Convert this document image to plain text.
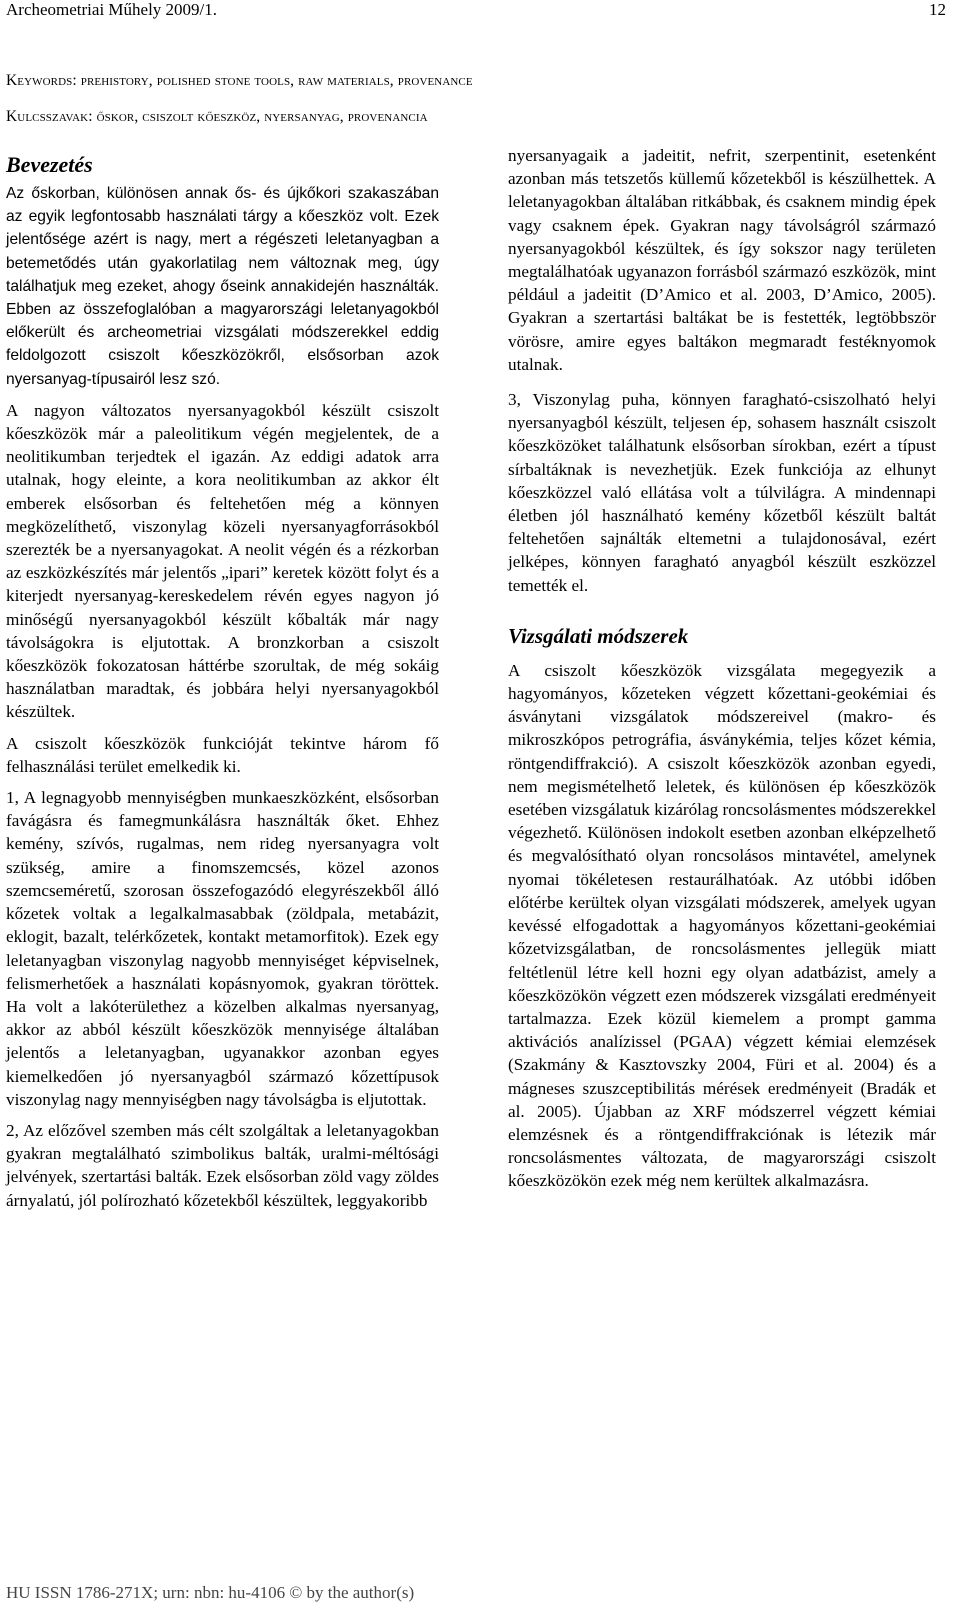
Archeometriai Műhely 2009/1.	12
Keywords: prehistory, polished stone tools, raw materials, provenance
Kulcsszavak: őskor, csiszolt kőeszköz, nyersanyag, provenancia
Bevezetés

Az őskorban, különösen annak ős- és újkőkori szakaszában az egyik legfontosabb használati tárgy a kőeszköz volt. Ezek jelentősége azért is nagy, mert a régészeti leletanyagban a betemetődés után gyakorlatilag nem változnak meg, úgy találhatjuk meg ezeket, ahogy őseink annakidején használták. Ebben az összefoglalóban a magyarországi leletanyagokból előkerült és archeometriai vizsgálati módszerekkel eddig feldolgozott csiszolt kőeszközökről, elsősorban azok nyersanyag-típusairól lesz szó.

A nagyon változatos nyersanyagokból készült csiszolt kőeszközök már a paleolitikum végén megjelentek, de a neolitikumban terjedtek el igazán. Az eddigi adatok arra utalnak, hogy eleinte, a kora neolitikumban az akkor élt emberek elsősorban és feltehetően még a könnyen megközelíthető, viszonylag közeli nyersanyagforrásokból szerezték be a nyersanyagokat. A neolit végén és a rézkorban az eszközkészítés már jelentős „ipari” keretek között folyt és a kiterjedt nyersanyag-kereskedelem révén egyes nagyon jó minőségű nyersanyagokból készült kőbalták már nagy távolságokra is eljutottak. A bronzkorban a csiszolt kőeszközök fokozatosan háttérbe szorultak, de még sokáig használatban maradtak, és jobbára helyi nyersanyagokból készültek.

A csiszolt kőeszközök funkcióját tekintve három fő felhasználási terület emelkedik ki.

1, A legnagyobb mennyiségben munkaeszközként, elsősorban favágásra és famegmunkálásra használták őket. Ehhez kemény, szívós, rugalmas, nem rideg nyersanyagra volt szükség, amire a finomszemcsés, közel azonos szemcseméretű, szorosan összefogazódó elegyrészekből álló kőzetek voltak a legalkalmasabbak (zöldpala, metabázit, eklogit, bazalt, telérkőzetek, kontakt metamorfitok). Ezek egy leletanyagban viszonylag nagyobb mennyiséget képviselnek, felismerhetőek a használati kopásnyomok, gyakran töröttek. Ha volt a lakóterülethez a közelben alkalmas nyersanyag, akkor az abból készült kőeszközök mennyisége általában jelentős a leletanyagban, ugyanakkor azonban egyes kiemelkedően jó nyersanyagból származó kőzettípusok viszonylag nagy mennyiségben nagy távolságba is eljutottak.

2, Az előzővel szemben más célt szolgáltak a leletanyagokban gyakran megtalálható szimbolikus balták, uralmi-méltósági jelvények, szertartási balták. Ezek elsősorban zöld vagy zöldes árnyalatú, jól polírozható kőzetekből készültek, leggyakoribb

nyersanyagaik a jadeitit, nefrit, szerpentinit, esetenként azonban más tetszetős küllemű kőzetekből is készülhettek. A leletanyagokban általában ritkábbak, és csaknem mindig épek vagy csaknem épek. Gyakran nagy távolságról származó nyersanyagokból készültek, és így sokszor nagy területen megtalálhatóak ugyanazon forrásból származó eszközök, mint például a jadeitit (D’Amico et al. 2003, D’Amico, 2005). Gyakran a szertartási baltákat be is festették, legtöbbször vörösre, amire egyes baltákon megmaradt festéknyomok utalnak.

3, Viszonylag puha, könnyen faragható-csiszolható helyi nyersanyagból készült, teljesen ép, sohasem használt csiszolt kőeszközöket találhatunk elsősorban sírokban, ezért a típust sírbaltáknak is nevezhetjük. Ezek funkciója az elhunyt kőeszközzel való ellátása volt a túlvilágra. A mindennapi életben jól használható kemény kőzetből készült baltát feltehetően sajnálták eltemetni a tulajdonosával, ezért jelképes, könnyen faragható anyagból készült eszközzel temették el.

Vizsgálati módszerek

A csiszolt kőeszközök vizsgálata megegyezik a hagyományos, kőzeteken végzett kőzettani-geokémiai és ásványtani vizsgálatok módszereivel (makro- és mikroszkópos petrográfia, ásványkémia, teljes kőzet kémia, röntgendiffrakció). A csiszolt kőeszközök azonban egyedi, nem megismételhető leletek, és különösen ép kőeszközök esetében vizsgálatuk kizárólag roncsolásmentes módszerekkel végezhető. Különösen indokolt esetben azonban elképzelhető és megvalósítható olyan roncsolásos mintavétel, amelynek nyomai tökéletesen restaurálhatóak. Az utóbbi időben előtérbe kerültek olyan vizsgálati módszerek, amelyek ugyan kevéssé elfogadottak a hagyományos kőzettani-geokémiai kőzetvizsgálatban, de roncsolásmentes jellegük miatt feltétlenül létre kell hozni egy olyan adatbázist, amely a kőeszközökön végzett ezen módszerek vizsgálati eredményeit tartalmazza. Ezek közül kiemelem a prompt gamma aktivációs analízissel (PGAA) végzett kémiai elemzések (Szakmány & Kasztovszky 2004, Füri et al. 2004) és a mágneses szuszceptibilitás mérések eredményeit (Bradák et al. 2005). Újabban az XRF módszerrel végzett kémiai elemzésnek és a röntgendiffrakciónak is létezik már roncsolásmentes változata, de magyarországi csiszolt kőeszközökön ezek még nem kerültek alkalmazásra.

HU ISSN 1786-271X; urn: nbn: hu-4106 © by the author(s)
